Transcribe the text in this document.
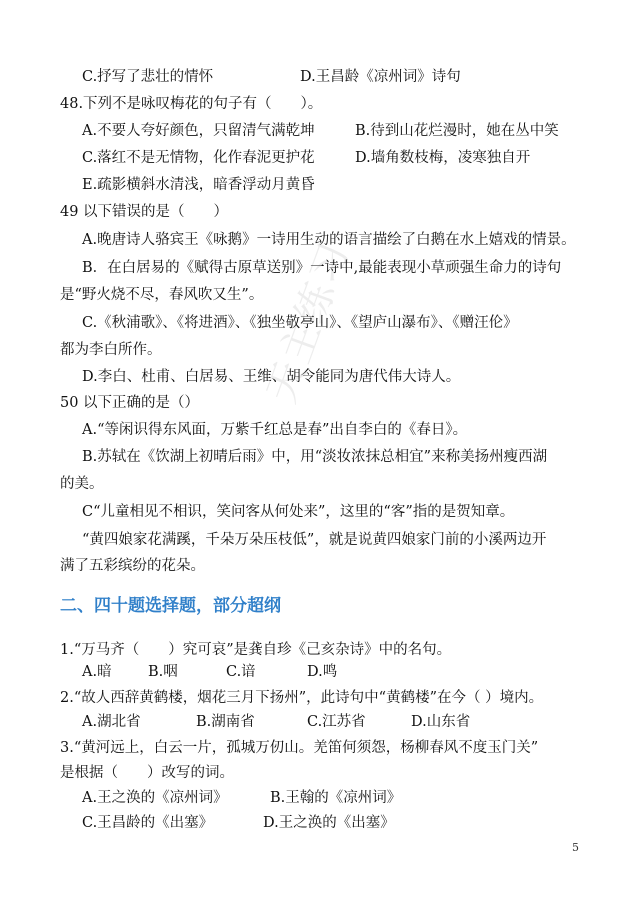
天主练习
C.抒写了悲壮的情怀	D.王昌龄《凉州词》诗句
48.下列不是咏叹梅花的句子有（　　）。
A.不要人夸好颜色，只留清气满乾坤	B.待到山花烂漫时，她在丛中笑
C.落红不是无情物，化作春泥更护花	D.墙角数枝梅，凌寒独自开
E.疏影横斜水清浅，暗香浮动月黄昏
49 以下错误的是（　　）
A.晚唐诗人骆宾王《咏鹅》一诗用生动的语言描绘了白鹅在水上嬉戏的情景。
B．在白居易的《赋得古原草送别》一诗中,最能表现小草顽强生命力的诗句
是“野火烧不尽，春风吹又生”。
C.《秋浦歌》、《将进酒》、《独坐敬亭山》、《望庐山瀑布》、《赠汪伦》
都为李白所作。
D.李白、杜甫、白居易、王维、胡令能同为唐代伟大诗人。
50 以下正确的是（）
A.“等闲识得东风面，万紫千红总是春”出自李白的《春日》。
B.苏轼在《饮湖上初晴后雨》中，用“淡妆浓抹总相宜”来称美扬州瘦西湖
的美。
C“儿童相见不相识，笑问客从何处来”，这里的“客”指的是贺知章。
“黄四娘家花满蹊，千朵万朵压枝低”，就是说黄四娘家门前的小溪两边开
满了五彩缤纷的花朵。
二、四十题选择题，部分超纲
1.“万马齐（　　）究可哀”是龚自珍《己亥杂诗》中的名句。
A.暗	B.咽	C.谙	D.鸣
2.“故人西辞黄鹤楼，烟花三月下扬州”，此诗句中“黄鹤楼”在今（ ）境内。
A.湖北省	B.湖南省	C.江苏省	D.山东省
3.“黄河远上，白云一片，孤城万仞山。羌笛何须怨，杨柳春风不度玉门关”
是根据（　　）改写的词。
A.王之涣的《凉州词》	B.王翰的《凉州词》
C.王昌龄的《出塞》	D.王之涣的《出塞》
5
